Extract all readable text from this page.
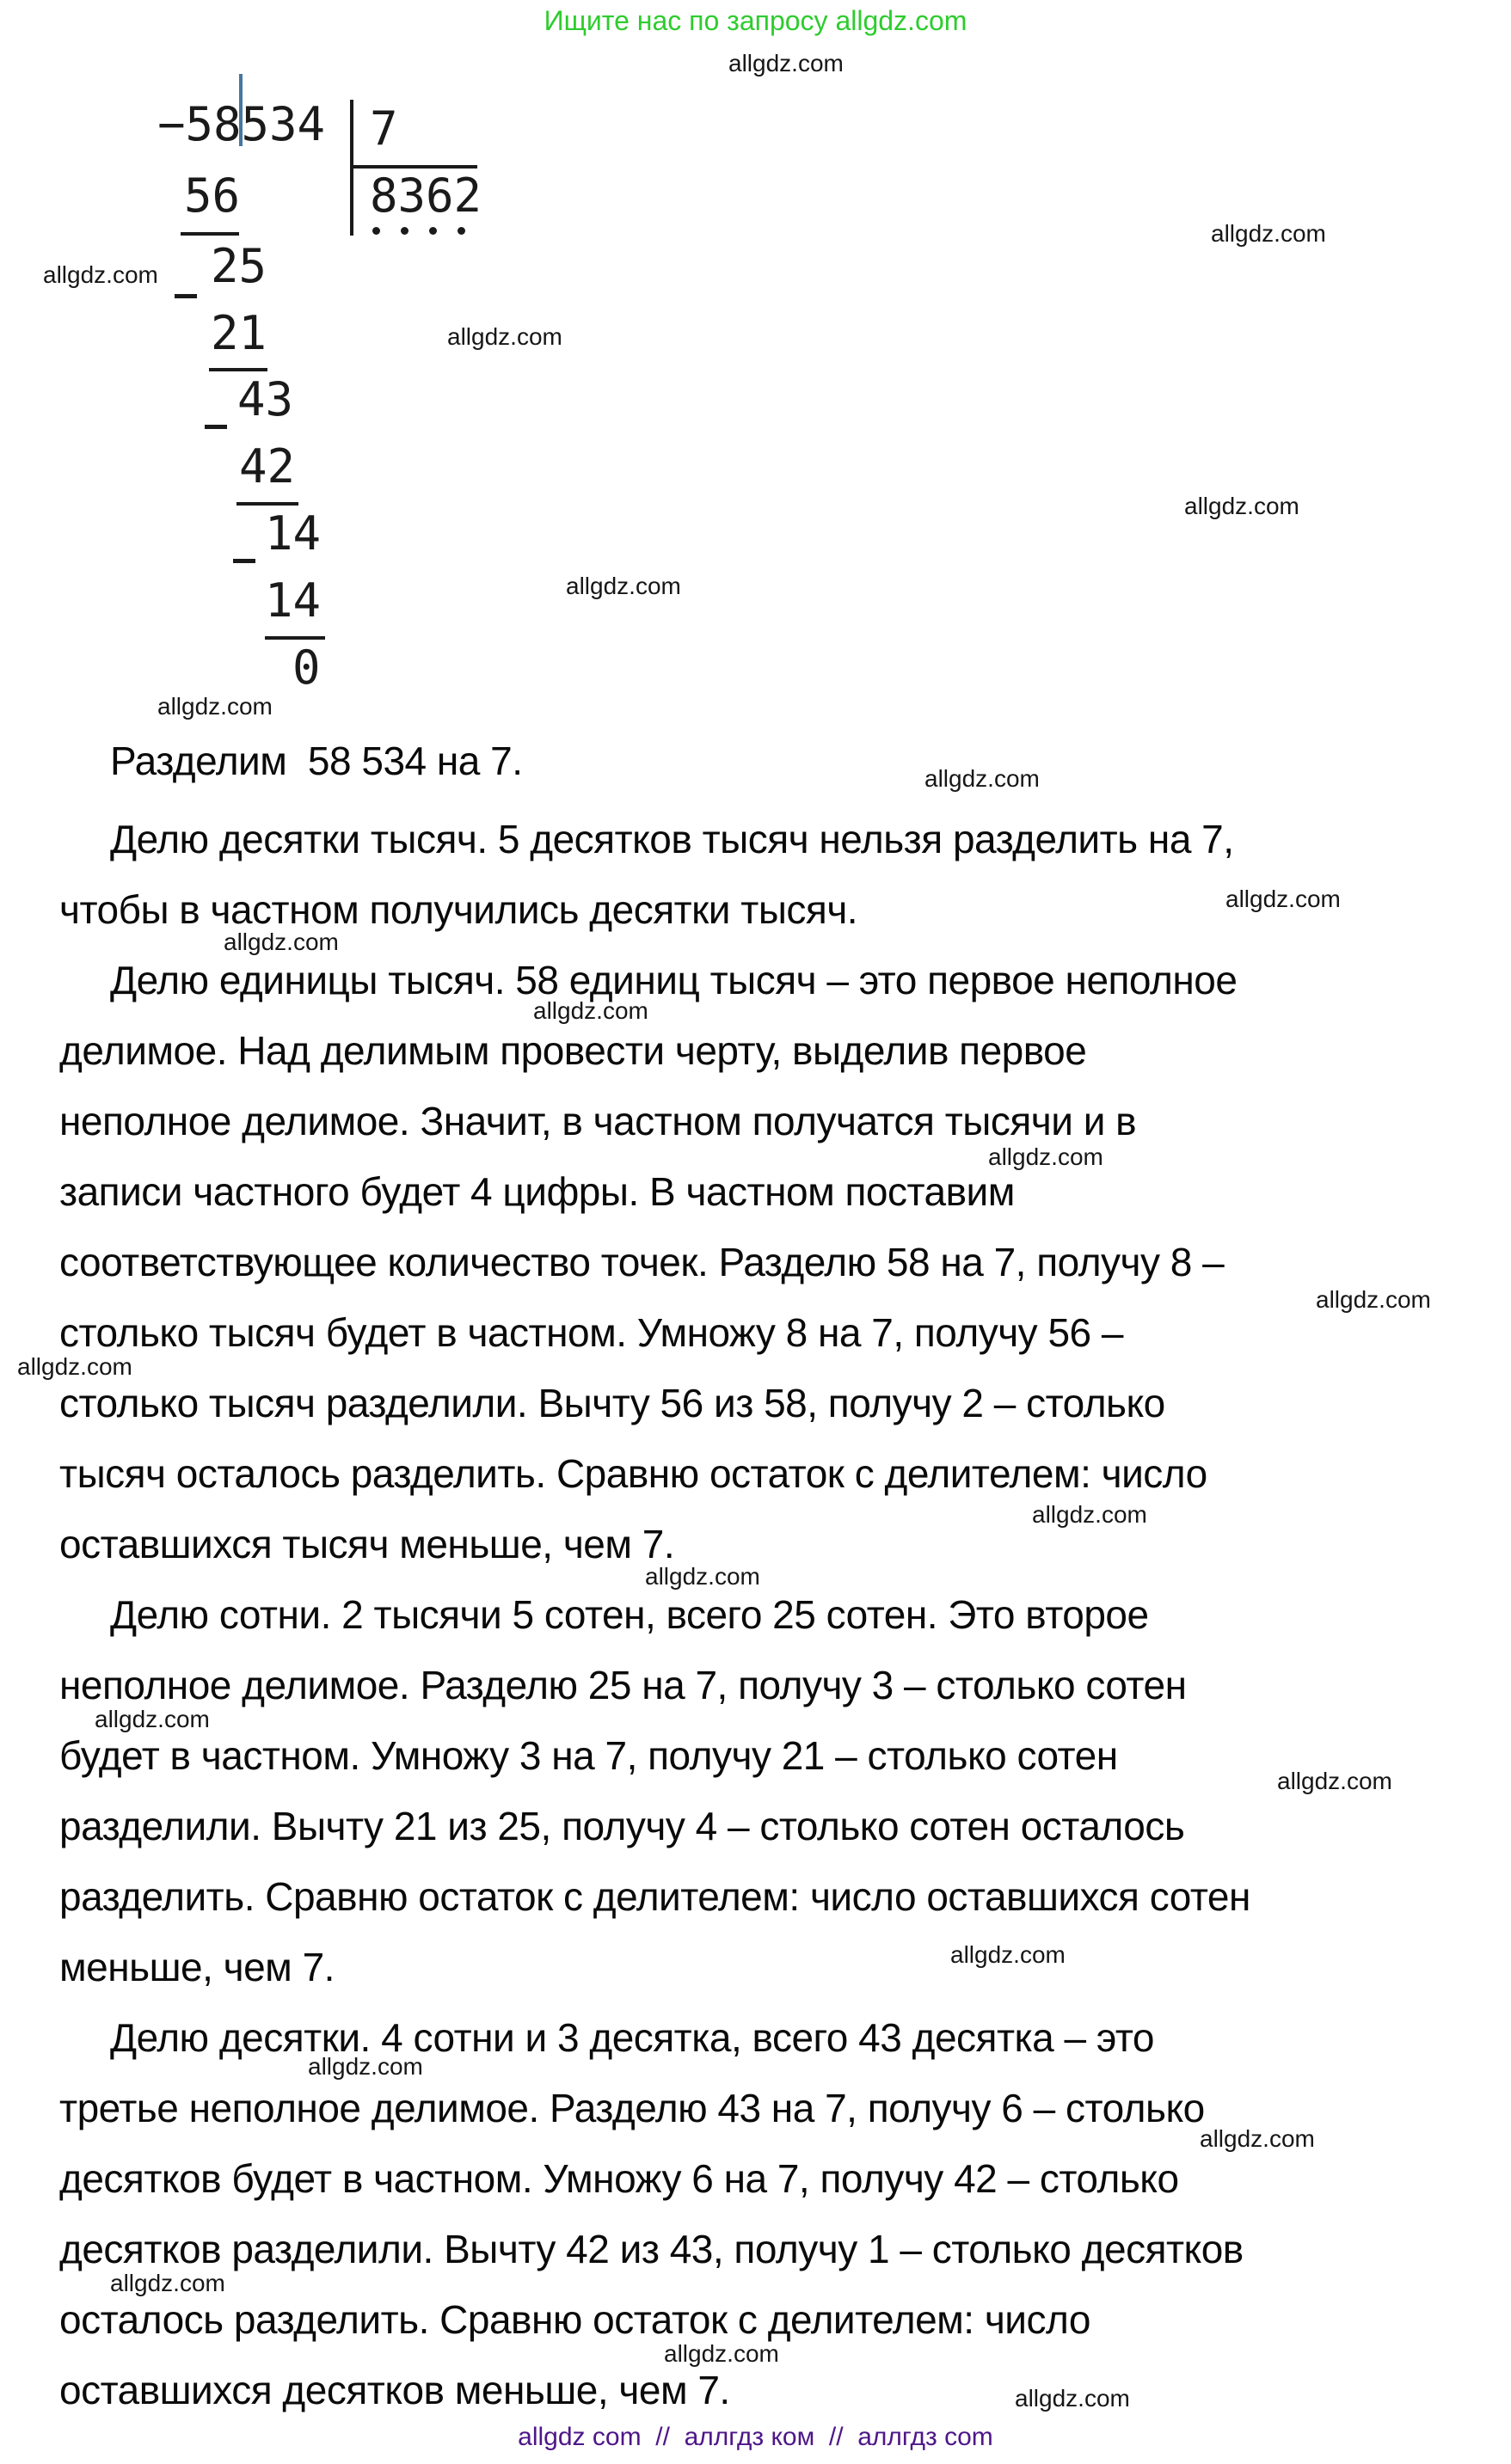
Ищите нас по запросу allgdz.com
−58534
56
25
21
43
42
14
14
0
7
8362
Разделим  58 534 на 7.
Делю десятки тысяч. 5 десятков тысяч нельзя разделить на 7,
чтобы в частном получились десятки тысяч.
Делю единицы тысяч. 58 единиц тысяч – это первое неполное
делимое. Над делимым провести черту, выделив первое
неполное делимое. Значит, в частном получатся тысячи и в
записи частного будет 4 цифры. В частном поставим
соответствующее количество точек. Разделю 58 на 7, получу 8 –
столько тысяч будет в частном. Умножу 8 на 7, получу 56 –
столько тысяч разделили. Вычту 56 из 58, получу 2 – столько
тысяч осталось разделить. Сравню остаток с делителем: число
оставшихся тысяч меньше, чем 7.
Делю сотни. 2 тысячи 5 сотен, всего 25 сотен. Это второе
неполное делимое. Разделю 25 на 7, получу 3 – столько сотен
будет в частном. Умножу 3 на 7, получу 21 – столько сотен
разделили. Вычту 21 из 25, получу 4 – столько сотен осталось
разделить. Сравню остаток с делителем: число оставшихся сотен
меньше, чем 7.
Делю десятки. 4 сотни и 3 десятка, всего 43 десятка – это
третье неполное делимое. Разделю 43 на 7, получу 6 – столько
десятков будет в частном. Умножу 6 на 7, получу 42 – столько
десятков разделили. Вычту 42 из 43, получу 1 – столько десятков
осталось разделить. Сравню остаток с делителем: число
оставшихся десятков меньше, чем 7.
allgdz.com
allgdz.com
allgdz.com
allgdz.com
allgdz.com
allgdz.com
allgdz.com
allgdz.com
allgdz.com
allgdz.com
allgdz.com
allgdz.com
allgdz.com
allgdz.com
allgdz.com
allgdz.com
allgdz.com
allgdz.com
allgdz.com
allgdz.com
allgdz.com
allgdz.com
allgdz.com
allgdz.com
allgdz com  //  аллгдз ком  //  аллгдз com
